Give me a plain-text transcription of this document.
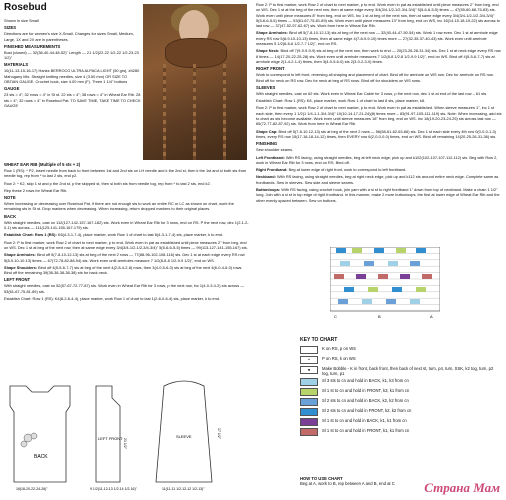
Rosebud

Shown in size Small

SIZES

Directions are for women's size X-Small. Changes for sizes Small, Medium, Large, 1X and 2X are in parentheses.

FINISHED MEASUREMENTS

Bust (closed) — 32(36-40-44-48-52)" Length — 21 1/2(22-22 1/2-22 1/2-23-23 1/2)"

MATERIALS

10(11-13-15-16-17) Hanks BERROCO ULTRA ALPACA LIGHT (50 grs), #4280 Mahogany Mix. Straight knitting needles, size 4 (3.50 mm) OR SIZE TO OBTAIN GAUGE. Crochet hook, size 4.00 mm (F). Three 1 1/4" buttons

GAUGE

23 sts = 4"; 32 rows = 4" in St st. 22 sts = 4"; 38 rows = 4" in Wheat Ear Rib. 28 sts = 4"; 32 rows = 4" in Rosebud Pat. TO SAVE TIME, TAKE TIME TO CHECK GAUGE

WHEAT EAR RIB (Multiple of 5 sts + 2)

Row 1 (RS): * P2, insert needle from back to front between 1st and 2nd sts on LH needle and k the 2nd st, then k the 1st and sl both sts from needle tog, rep from * to last 2 sts, end p2.

Row 2: * K2, skip 1 st and p the 2nd st, p the skipped st, then sl both sts from needle tog, rep from * to last 2 sts, end k2.

Rep these 2 rows for Wheat Ear Rib.

NOTE

When increasing or decreasing over Rosebud Pat, if there are not enough sts to work an entire RC or LC as shown on chart, work the remaining sts in St st. Drop markers when decreasing. When increasing, return dropped markers to their original places.

BACK

With straight needles, cast on 112(127-142-157-167-182) sts. Work even in Wheat Ear Rib for 3 rows, end on RS. P the next row, dec 1(2-1-2-0-1) sts across — 111(125-141-155-167-179) sts.

Establish Chart: Row 1 (RS): K6(4-3-1-7-4), place marker, work Row 1 of chart to last 6(4-3-1-7-4) sts, place marker, k to end.

Row 2: P to first marker, work Row 2 of chart to next marker, p to end. Work even in pat as established until piece measures 2" from beg, end on WS. Dec 1 st at beg of the next row, then at same edge every 3/4(3/4-1/2-1/2-3/4-3/4)" 5(5-6-6-5-5) times — 99(113-127-141-155-167) sts.

Shape Armholes: Bind off 5(7-8-10-12-13) sts at beg of the next 2 rows — 77(88-96-102-108-116) sts. Dec 1 st at each edge every RS row 5(8-9-10-10-13) times — 67(72-78-82-88-94) sts. Work even until armholes measure 7 1/2(8-8-8 1/2-9-9 1/2)", end on WS.

Shape Shoulders: Bind off 4(5-5-6-7-7) sts at beg of the next 4(2-8-4-2-8) rows, then 3(4-0-5-6-0) sts at beg of the next 4(6-0-4-6-0) rows. Bind off the remaining 39(38-38-38-38-38) sts for back neck.

LEFT FRONT

With straight needles, cast on 52(57-67-72-77-87) sts. Work even in Wheat Ear Rib for 3 rows, p the next row, inc 1(4-0-3-4-2) sts across — 53(61-67-75-81-89) sts.

Establish Chart: Row 1 (RS): K4(8-2-6-4-4), place marker, work Row 1 of chart to last 1(2-6-0-6-4) sts, place marker, k to end.

BACK
16(18-20-22-24-26)"
LEFT FRONT
9 1/2(11-12-13 1/2-14 1/2-16)"
21 1/2"
SLEEVE
11(11-11 1/2-12-12 1/2-13)"
17 1/2"

Row 2: P to first marker, work Row 2 of chart to next marker, p to end. Work even in pat as established until piece measures 2" from beg, end on WS. Dec 1 st at the beg of the next row, then at same edge every 3/4(3/4-1/2-1/2-3/4-3/4)" 5(5-6-6-5-5) times — 47(55-60-68-75-83) sts. Work even until piece measures 8" from beg, end on WS. Inc 1 st at beg of the next row, then at same edge every 3/4(3/4-1/2-1/2-3/4-3/4)" 5(5-6-6-5-5) times — 53(61-67-75-81-89) sts. Work even until piece measures 13" from beg, end on WS, inc 16(14-15-18-19-22) sts across to last row — 37(47-52-57-62-67) sts. Work from here in Wheat Ear Rib.

Shape Armholes: Bind off 5(7-8-10-12-13) sts at beg of the next row — 32(40-44-47-50-54) sts. Work 1 row even. Dec 1 st at armhole edge every RS row 5(8-9-10-10-13) times, then at same edge 4(7-8-9-9-10) times more — 27(32-35-37-40-43) sts. Work even until armhole measures 5 1/2(6-6-6 1/2-7-7 1/2)", end on RS.

Shape Neck: Bind off 7(9-9-9-9-9) sts at beg of the next row, then work to end — 20(23-26-28-31-34) sts. Dec 1 st at neck edge every RS row 6 times — 14(17-20-22-25-28) sts. Work even until armhole measures 7 1/2(8-8 1/2-8 1/2-9-9 1/2)", end on WS. Bind off 4(5-5-6-7-7) sts at armhole edge 2(1-4-2-1-4) times, then 3(4-0-5-6-0) sts 2(3-0-2-3-0) times.

RIGHT FRONT

Work to correspond to left front, reversing all shaping and placement of chart. Bind off for armhole on WS row. Dec for armhole on RS row. Bind off for neck on RS row. Dec for neck at beg of RS rows. Bind off for shoulders on WS rows.

SLEEVES

With straight needles, cast on 62 sts. Work even in Wheat Ear Cable for 3 rows, p the next row, dec 1 st at end of the last row – 61 sts.

Establish Chart: Row 1 (RS): K8, place marker, work Row 1 of chart to last 8 sts, place marker, k8.

Row 2: P to first marker, work Row 2 of chart to next marker, p to end. Work even in pat as established. When sleeve measures 1", inc 1 st each side, then every 1 1/2(1 1/4-1-1-3/4-3/4)" 10(10-14-17-21-24)(8) times more – 83(91-97-105-111-119) sts. Note: When increasing, add sts to chart as sts become available. Work even until sleeve measures 18" from beg, end on WS. Inc 18(19-20-23-24-25) sts across last row — 65(72-77-82-87-92) sts. Work from here in Wheat Ear Rib.

Shape Cap: Bind off 5(7-8-10-12-13) sts at beg of the next 2 rows — 56(58-61-62-63-66) sts. Dec 1 st each side every 4th row 0(0-0-0-1-3) times, every RS row 15(17-18-18-14-12) times, then EVERY row 6(2-0-0-0-0) times, end on WS. Bind off remaining 14(20-25-26-31-36) sts.

FINISHING

Sew shoulder seams.

Left Frontband: With RS facing, using straight needles, beg at left neck edge, pick up and k102(102-107-107-112-112) sts. Beg with Row 2, work in Wheat Ear Rib for 3 rows, end on RS. Bind off.

Right Frontband: Beg at lower edge of right front, work to correspond to left frontband.

Neckband: With RS facing, using straight needles, beg at right neck edge, pick up and k112 sts around entire neck edge. Complete same as frontbands. Sew in sleeves. Sew side and sleeve seams.

Buttonloops: With RS facing, using crochet hook, join yarn with a sl st to right frontband 1" down from top of neckband. Make a chain 1 1/2" long. Join with a sl st in top edge of right frontband. In this manner, make 2 more buttonloops, the first at lower edge of Wheat Ear Rib and the other evenly spaced between. Sew on buttons.

C	B	A
KEY TO CHART
K on RS, p on WS
•	P on RS, k on WS
●	Make Bobble - K in front, back front, then back of next st, turn, p4, turn, SSK, k2 tog, turn, p2 tog, turn, p1
Sl 3 sts to cn and hold in BACK, k1, k3 from cn
Sl 1 st to cn and hold in FRONT, k3, k1 from cn
Sl 2 sts to cn and hold in BACK, k2, k2 from cn
Sl 2 sts to cn and hold in FRONT, k2, k2 from cn
Sl 1 st to cn and hold in BACK, k1, k1 from cn
Sl 1 st to cn and hold in FRONT, k1, k1 from cn
HOW TO USE CHART
Beg at A, work to B, rep between A and B, end at C	Страна Мам
